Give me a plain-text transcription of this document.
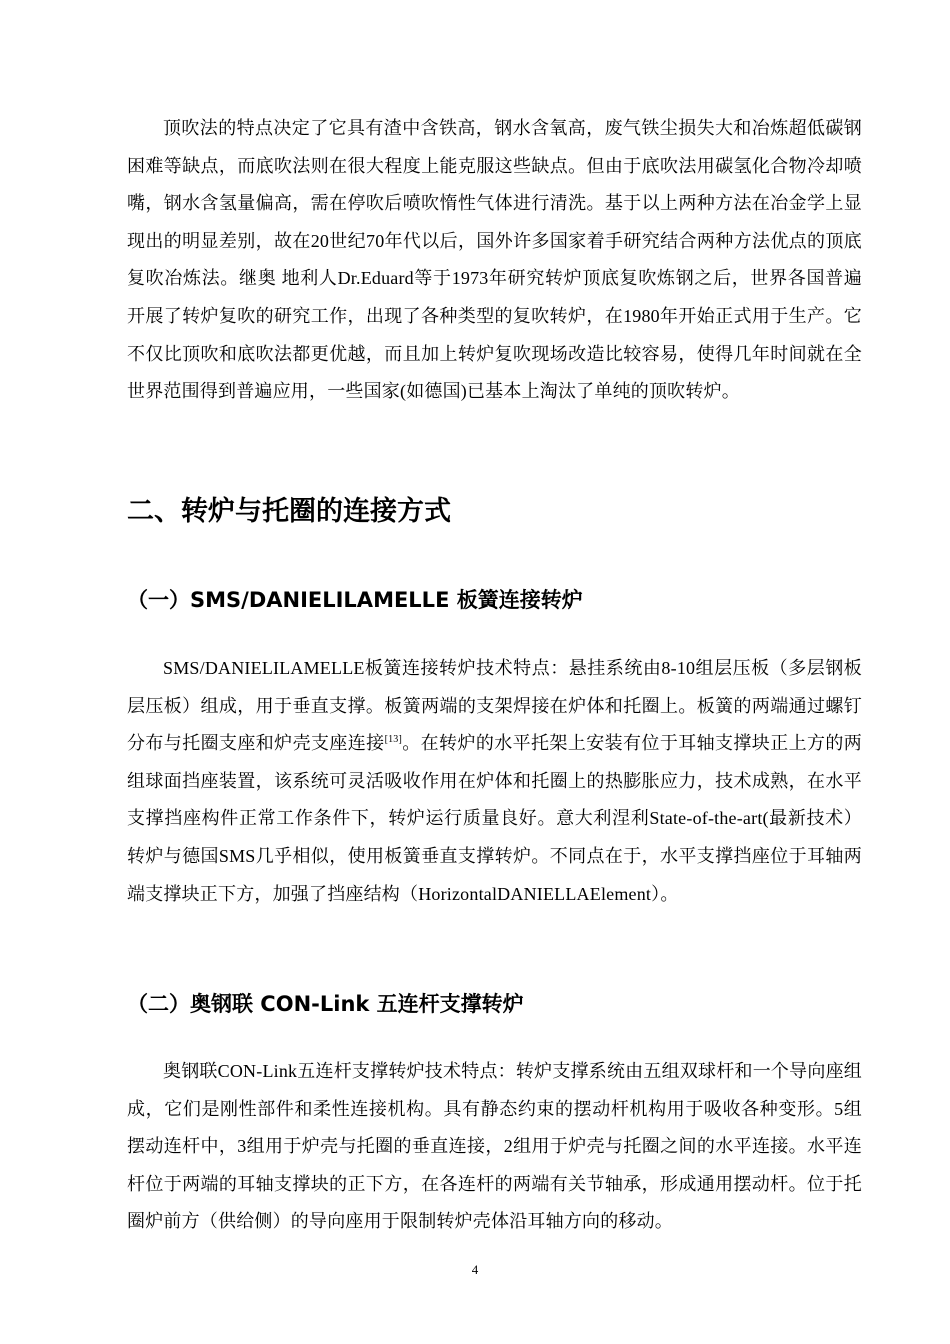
顶吹法的特点决定了它具有渣中含铁高，钢水含氧高，废气铁尘损失大和冶炼超低碳钢困难等缺点，而底吹法则在很大程度上能克服这些缺点。但由于底吹法用碳氢化合物冷却喷嘴，钢水含氢量偏高，需在停吹后喷吹惰性气体进行清洗。基于以上两种方法在冶金学上显现出的明显差别，故在20世纪70年代以后，国外许多国家着手研究结合两种方法优点的顶底复吹冶炼法。继奥 地利人Dr.Eduard等于1973年研究转炉顶底复吹炼钢之后，世界各国普遍开展了转炉复吹的研究工作，出现了各种类型的复吹转炉，在1980年开始正式用于生产。它不仅比顶吹和底吹法都更优越，而且加上转炉复吹现场改造比较容易，使得几年时间就在全世界范围得到普遍应用，一些国家(如德国)已基本上淘汰了单纯的顶吹转炉。

二、转炉与托圈的连接方式
（一）SMS/DANIELILAMELLE 板簧连接转炉

SMS/DANIELILAMELLE板簧连接转炉技术特点：悬挂系统由8-10组层压板（多层钢板层压板）组成，用于垂直支撑。板簧两端的支架焊接在炉体和托圈上。板簧的两端通过螺钉分布与托圈支座和炉壳支座连接[13]。在转炉的水平托架上安装有位于耳轴支撑块正上方的两组球面挡座装置，该系统可灵活吸收作用在炉体和托圈上的热膨胀应力，技术成熟，在水平支撑挡座构件正常工作条件下，转炉运行质量良好。意大利涅利State-of-the-art(最新技术）转炉与德国SMS几乎相似，使用板簧垂直支撑转炉。不同点在于，水平支撑挡座位于耳轴两端支撑块正下方，加强了挡座结构（HorizontalDANIELLAElement）。

（二）奥钢联 CON-Link 五连杆支撑转炉

奥钢联CON-Link五连杆支撑转炉技术特点：转炉支撑系统由五组双球杆和一个导向座组成，它们是刚性部件和柔性连接机构。具有静态约束的摆动杆机构用于吸收各种变形。5组摆动连杆中，3组用于炉壳与托圈的垂直连接，2组用于炉壳与托圈之间的水平连接。水平连杆位于两端的耳轴支撑块的正下方，在各连杆的两端有关节轴承，形成通用摆动杆。位于托圈炉前方（供给侧）的导向座用于限制转炉壳体沿耳轴方向的移动。

4
